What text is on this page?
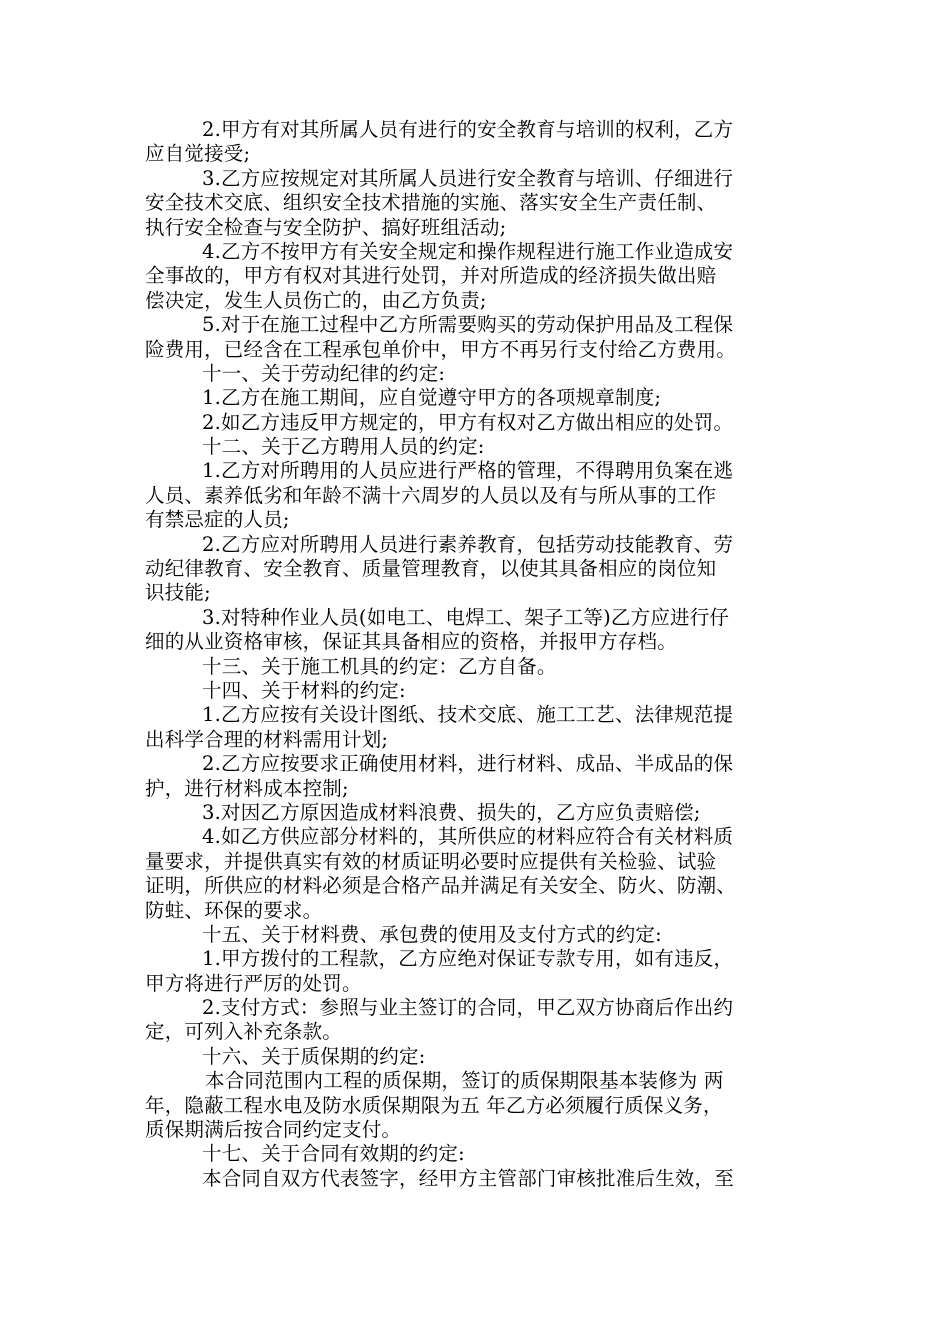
2.甲方有对其所属人员有进行的安全教育与培训的权利，乙方
应自觉接受;
3.乙方应按规定对其所属人员进行安全教育与培训、仔细进行
安全技术交底、组织安全技术措施的实施、落实安全生产责任制、
执行安全检查与安全防护、搞好班组活动;
4.乙方不按甲方有关安全规定和操作规程进行施工作业造成安
全事故的，甲方有权对其进行处罚，并对所造成的经济损失做出赔
偿决定，发生人员伤亡的，由乙方负责;
5.对于在施工过程中乙方所需要购买的劳动保护用品及工程保
险费用，已经含在工程承包单价中，甲方不再另行支付给乙方费用。
十一、关于劳动纪律的约定:
1.乙方在施工期间，应自觉遵守甲方的各项规章制度;
2.如乙方违反甲方规定的，甲方有权对乙方做出相应的处罚。
十二、关于乙方聘用人员的约定:
1.乙方对所聘用的人员应进行严格的管理，不得聘用负案在逃
人员、素养低劣和年龄不满十六周岁的人员以及有与所从事的工作
有禁忌症的人员;
2.乙方应对所聘用人员进行素养教育，包括劳动技能教育、劳
动纪律教育、安全教育、质量管理教育，以使其具备相应的岗位知
识技能;
3.对特种作业人员(如电工、电焊工、架子工等)乙方应进行仔
细的从业资格审核，保证其具备相应的资格，并报甲方存档。
十三、关于施工机具的约定：乙方自备。
十四、关于材料的约定:
1.乙方应按有关设计图纸、技术交底、施工工艺、法律规范提
出科学合理的材料需用计划;
2.乙方应按要求正确使用材料，进行材料、成品、半成品的保
护，进行材料成本控制;
3.对因乙方原因造成材料浪费、损失的，乙方应负责赔偿;
4.如乙方供应部分材料的，其所供应的材料应符合有关材料质
量要求，并提供真实有效的材质证明必要时应提供有关检验、试验
证明，所供应的材料必须是合格产品并满足有关安全、防火、防潮、
防蛀、环保的要求。
十五、关于材料费、承包费的使用及支付方式的约定:
1.甲方拨付的工程款，乙方应绝对保证专款专用，如有违反，
甲方将进行严厉的处罚。
2.支付方式：参照与业主签订的合同，甲乙双方协商后作出约
定，可列入补充条款。
十六、关于质保期的约定:
本合同范围内工程的质保期，签订的质保期限基本装修为 两
年，隐蔽工程水电及防水质保期限为五 年乙方必须履行质保义务，
质保期满后按合同约定支付。
十七、关于合同有效期的约定:
本合同自双方代表签字，经甲方主管部门审核批准后生效，至
